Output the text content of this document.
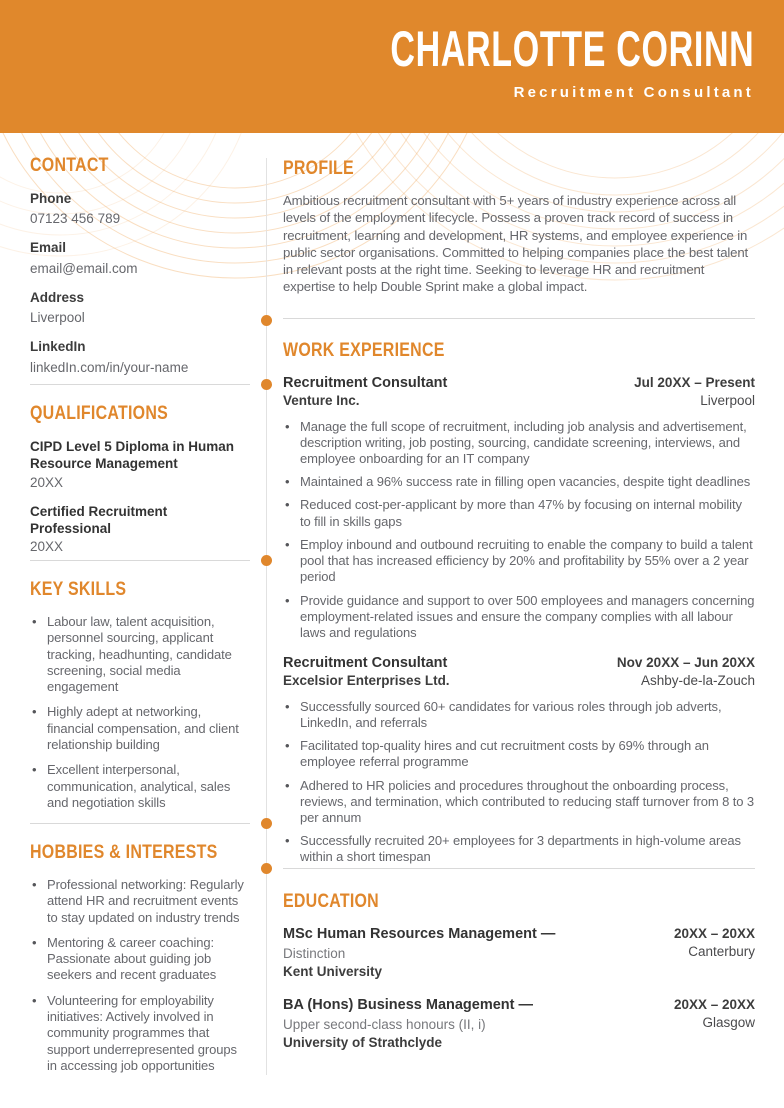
CHARLOTTE CORINN
Recruitment Consultant
CONTACT
Phone
07123 456 789
Email
email@email.com
Address
Liverpool
LinkedIn
linkedIn.com/in/your-name
QUALIFICATIONS
CIPD Level 5 Diploma in Human Resource Management
20XX
Certified Recruitment Professional
20XX
KEY SKILLS
• Labour law, talent acquisition, personnel sourcing, applicant tracking, headhunting, candidate screening, social media engagement
• Highly adept at networking, financial compensation, and client relationship building
• Excellent interpersonal, communication, analytical, sales and negotiation skills
HOBBIES & INTERESTS
• Professional networking: Regularly attend HR and recruitment events to stay updated on industry trends
• Mentoring & career coaching: Passionate about guiding job seekers and recent graduates
• Volunteering for employability initiatives: Actively involved in community programmes that support underrepresented groups in accessing job opportunities
PROFILE

Ambitious recruitment consultant with 5+ years of industry experience across all levels of the employment lifecycle. Possess a proven track record of success in recruitment, learning and development, HR systems, and employee experience in public sector organisations. Committed to helping companies place the best talent in relevant posts at the right time. Seeking to leverage HR and recruitment expertise to help Double Sprint make a global impact.

WORK EXPERIENCE
Recruitment Consultant
Venture Inc.
Jul 20XX – Present
Liverpool
• Manage the full scope of recruitment, including job analysis and advertisement, description writing, job posting, sourcing, candidate screening, interviews, and employee onboarding for an IT company
• Maintained a 96% success rate in filling open vacancies, despite tight deadlines
• Reduced cost-per-applicant by more than 47% by focusing on internal mobility to fill in skills gaps
• Employ inbound and outbound recruiting to enable the company to build a talent pool that has increased efficiency by 20% and profitability by 55% over a 2 year period
• Provide guidance and support to over 500 employees and managers concerning employment-related issues and ensure the company complies with all labour laws and regulations
Recruitment Consultant
Excelsior Enterprises Ltd.
Nov 20XX – Jun 20XX
Ashby-de-la-Zouch
• Successfully sourced 60+ candidates for various roles through job adverts, LinkedIn, and referrals
• Facilitated top-quality hires and cut recruitment costs by 69% through an employee referral programme
• Adhered to HR policies and procedures throughout the onboarding process, reviews, and termination, which contributed to reducing staff turnover from 8 to 3 per annum
• Successfully recruited 20+ employees for 3 departments in high-volume areas within a short timespan
EDUCATION
MSc Human Resources Management —
Distinction
Kent University
20XX – 20XX
Canterbury
BA (Hons) Business Management —
Upper second-class honours (II, i)
University of Strathclyde
20XX – 20XX
Glasgow
